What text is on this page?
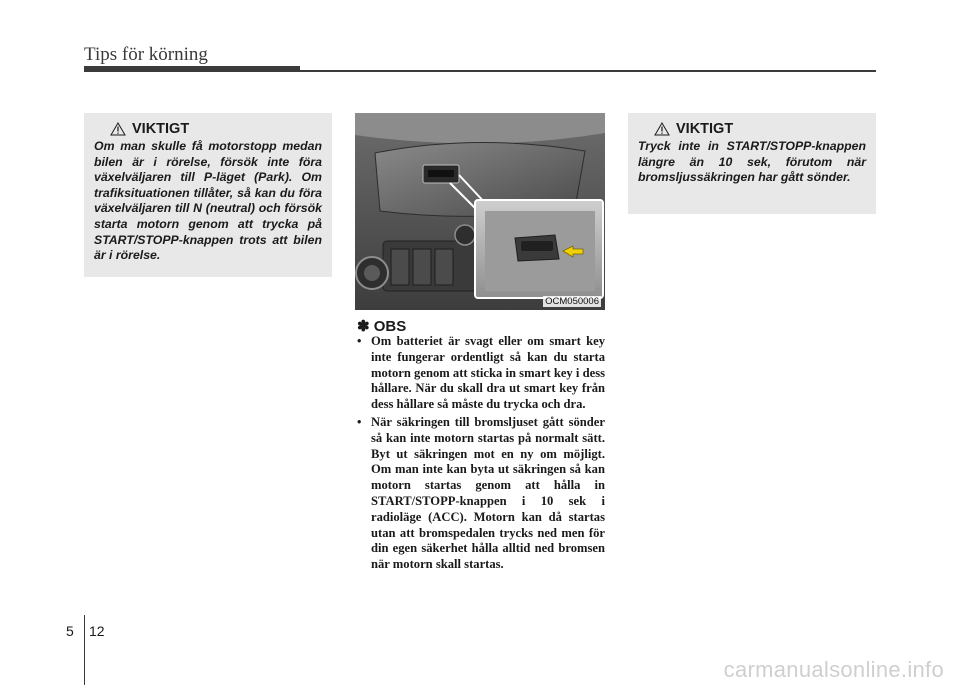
Tips för körning
VIKTIGT
Om man skulle få motorstopp medan bilen är i rörelse, försök inte föra växelväljaren till P-läget (Park). Om trafiksituationen tillåter, så kan du föra växelväljaren till N (neutral) och försök starta motorn genom att trycka på START/STOPP-knappen trots att bilen är i rörelse.
OCM050006
✽ OBS
• Om batteriet är svagt eller om smart key inte fungerar ordentligt så kan du starta motorn genom att sticka in smart key i dess hållare. När du skall dra ut smart key från dess hållare så måste du trycka och dra.
• När säkringen till bromsljuset gått sönder så kan inte motorn startas på normalt sätt. Byt ut säkringen mot en ny om möjligt. Om man inte kan byta ut säkringen så kan motorn startas genom att hålla in START/STOPP-knappen i 10 sek i radioläge (ACC). Motorn kan då startas utan att bromspedalen trycks ned men för din egen säkerhet hålla alltid ned bromsen när motorn skall startas.
VIKTIGT
Tryck inte in START/STOPP-knappen längre än 10 sek, förutom när bromsljussäkringen har gått sönder.
5 12
carmanualsonline.info
